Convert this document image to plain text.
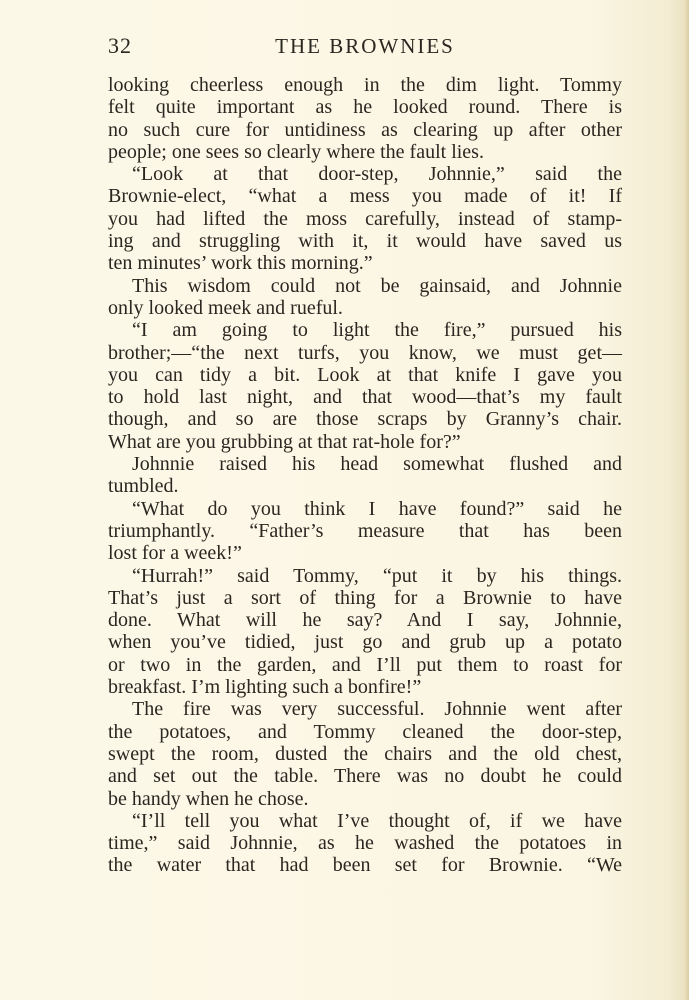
32	THE BROWNIES
looking cheerless enough in the dim light. Tommy
felt quite important as he looked round. There is
no such cure for untidiness as clearing up after other
people; one sees so clearly where the fault lies.
“Look at that door-step, Johnnie,” said the
Brownie-elect, “what a mess you made of it! If
you had lifted the moss carefully, instead of stamp-
ing and struggling with it, it would have saved us
ten minutes’ work this morning.”
This wisdom could not be gainsaid, and Johnnie
only looked meek and rueful.
“I am going to light the fire,” pursued his
brother;—“the next turfs, you know, we must get—
you can tidy a bit. Look at that knife I gave you
to hold last night, and that wood—that’s my fault
though, and so are those scraps by Granny’s chair.
What are you grubbing at that rat-hole for?”
Johnnie raised his head somewhat flushed and
tumbled.
“What do you think I have found?” said he
triumphantly. “Father’s measure that has been
lost for a week!”
“Hurrah!” said Tommy, “put it by his things.
That’s just a sort of thing for a Brownie to have
done. What will he say? And I say, Johnnie,
when you’ve tidied, just go and grub up a potato
or two in the garden, and I’ll put them to roast for
breakfast. I’m lighting such a bonfire!”
The fire was very successful. Johnnie went after
the potatoes, and Tommy cleaned the door-step,
swept the room, dusted the chairs and the old chest,
and set out the table. There was no doubt he could
be handy when he chose.
“I’ll tell you what I’ve thought of, if we have
time,” said Johnnie, as he washed the potatoes in
the water that had been set for Brownie. “We
